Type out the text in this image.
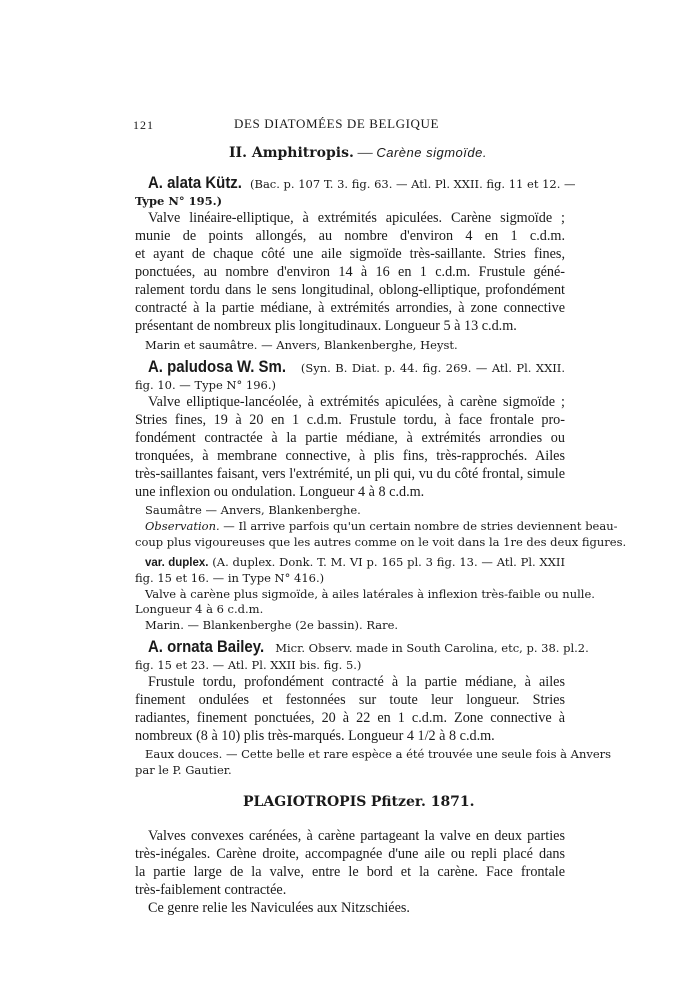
121	DES DIATOMÉES DE BELGIQUE
II. Amphitropis. — Carène sigmoïde.
A. alata Kütz. (Bac. p. 107 T. 3. fig. 63. — Atl. Pl. XXII. fig. 11 et 12. —
Type N° 195.)
Valve linéaire-elliptique, à extrémités apiculées. Carène sigmoïde ;
munie de points allongés, au nombre d'environ 4 en 1 c.d.m.
et ayant de chaque côté une aile sigmoïde très-saillante. Stries fines,
ponctuées, au nombre d'environ 14 à 16 en 1 c.d.m. Frustule géné-
ralement tordu dans le sens longitudinal, oblong-elliptique, profondément
contracté à la partie médiane, à extrémités arrondies, à zone connective
présentant de nombreux plis longitudinaux. Longueur 5 à 13 c.d.m.
Marin et saumâtre. — Anvers, Blankenberghe, Heyst.
A. paludosa W. Sm. (Syn. B. Diat. p. 44. fig. 269. — Atl. Pl. XXII.
fig. 10. — Type N° 196.)
Valve elliptique-lancéolée, à extrémités apiculées, à carène sigmoïde ;
Stries fines, 19 à 20 en 1 c.d.m. Frustule tordu, à face frontale pro-
fondément contractée à la partie médiane, à extrémités arrondies ou
tronquées, à membrane connective, à plis fins, très-rapprochés. Ailes
très-saillantes faisant, vers l'extrémité, un pli qui, vu du côté frontal, simule
une inflexion ou ondulation. Longueur 4 à 8 c.d.m.
Saumâtre — Anvers, Blankenberghe.
Observation. — Il arrive parfois qu'un certain nombre de stries deviennent beau-
coup plus vigoureuses que les autres comme on le voit dans la 1re des deux figures.
var. duplex. (A. duplex. Donk. T. M. VI p. 165 pl. 3 fig. 13. — Atl. Pl. XXII
fig. 15 et 16. — in Type N° 416.)
Valve à carène plus sigmoïde, à ailes latérales à inflexion très-faible ou nulle.
Longueur 4 à 6 c.d.m.
Marin. — Blankenberghe (2e bassin). Rare.
A. ornata Bailey. Micr. Observ. made in South Carolina, etc, p. 38. pl.2.
fig. 15 et 23. — Atl. Pl. XXII bis. fig. 5.)
Frustule tordu, profondément contracté à la partie médiane, à ailes
finement ondulées et festonnées sur toute leur longueur. Stries
radiantes, finement ponctuées, 20 à 22 en 1 c.d.m. Zone connective à
nombreux (8 à 10) plis très-marqués. Longueur 4 1/2 à 8 c.d.m.
Eaux douces. — Cette belle et rare espèce a été trouvée une seule fois à Anvers
par le P. Gautier.
PLAGIOTROPIS Pfitzer. 1871.
Valves convexes carénées, à carène partageant la valve en deux parties
très-inégales. Carène droite, accompagnée d'une aile ou repli placé dans
la partie large de la valve, entre le bord et la carène. Face frontale
très-faiblement contractée.
Ce genre relie les Naviculées aux Nitzschiées.
